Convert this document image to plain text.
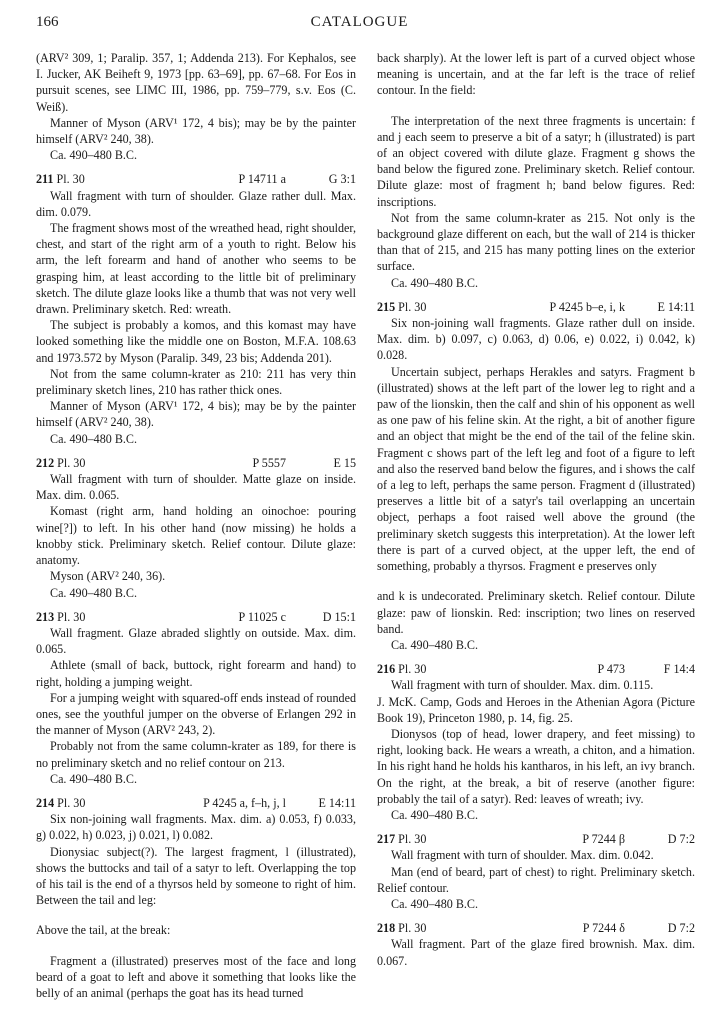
166	CATALOGUE

(ARV² 309, 1; Paralip. 357, 1; Addenda 213). For Kephalos, see I. Jucker, AK Beiheft 9, 1973 [pp. 63–69], pp. 67–68. For Eos in pursuit scenes, see LIMC III, 1986, pp. 759–779, s.v. Eos (C. Weiß).

Manner of Myson (ARV¹ 172, 4 bis); may be by the painter himself (ARV² 240, 38).

Ca. 490–480 B.C.

211 Pl. 30	P 14711 a	G 3:1

Wall fragment with turn of shoulder. Glaze rather dull. Max. dim. 0.079.

The fragment shows most of the wreathed head, right shoulder, chest, and start of the right arm of a youth to right. Below his arm, the left forearm and hand of another who seems to be grasping him, at least according to the little bit of preliminary sketch. The dilute glaze looks like a thumb that was not very well drawn. Preliminary sketch. Red: wreath.

The subject is probably a komos, and this komast may have looked something like the middle one on Boston, M.F.A. 108.63 and 1973.572 by Myson (Paralip. 349, 23 bis; Addenda 201).

Not from the same column-krater as 210: 211 has very thin preliminary sketch lines, 210 has rather thick ones.

Manner of Myson (ARV¹ 172, 4 bis); may be by the painter himself (ARV² 240, 38).

Ca. 490–480 B.C.

212 Pl. 30	P 5557	E 15

Wall fragment with turn of shoulder. Matte glaze on inside. Max. dim. 0.065.

Komast (right arm, hand holding an oinochoe: pouring wine[?]) to left. In his other hand (now missing) he holds a knobby stick. Preliminary sketch. Relief contour. Dilute glaze: anatomy.

Myson (ARV² 240, 36).

Ca. 490–480 B.C.

213 Pl. 30	P 11025 c	D 15:1

Wall fragment. Glaze abraded slightly on outside. Max. dim. 0.065.

Athlete (small of back, buttock, right forearm and hand) to right, holding a jumping weight.

For a jumping weight with squared-off ends instead of rounded ones, see the youthful jumper on the obverse of Erlangen 292 in the manner of Myson (ARV² 243, 2).

Probably not from the same column-krater as 189, for there is no preliminary sketch and no relief contour on 213.

Ca. 490–480 B.C.

214 Pl. 30	P 4245 a, f–h, j, l	E 14:11

Six non-joining wall fragments. Max. dim. a) 0.053, f) 0.033, g) 0.022, h) 0.023, j) 0.021, l) 0.082.

Dionysiac subject(?). The largest fragment, l (illustrated), shows the buttocks and tail of a satyr to left. Overlapping the top of his tail is the end of a thyrsos held by someone to right of him. Between the tail and leg:

Above the tail, at the break:

Fragment a (illustrated) preserves most of the face and long beard of a goat to left and above it something that looks like the belly of an animal (perhaps the goat has its head turned

back sharply). At the lower left is part of a curved object whose meaning is uncertain, and at the far left is the trace of relief contour. In the field:

The interpretation of the next three fragments is uncertain: f and j each seem to preserve a bit of a satyr; h (illustrated) is part of an object covered with dilute glaze. Fragment g shows the band below the figured zone. Preliminary sketch. Relief contour. Dilute glaze: most of fragment h; band below figures. Red: inscriptions.

Not from the same column-krater as 215. Not only is the background glaze different on each, but the wall of 214 is thicker than that of 215, and 215 has many potting lines on the exterior surface.

Ca. 490–480 B.C.

215 Pl. 30	P 4245 b–e, i, k	E 14:11

Six non-joining wall fragments. Glaze rather dull on inside. Max. dim. b) 0.097, c) 0.063, d) 0.06, e) 0.022, i) 0.042, k) 0.028.

Uncertain subject, perhaps Herakles and satyrs. Fragment b (illustrated) shows at the left part of the lower leg to right and a paw of the lionskin, then the calf and shin of his opponent as well as one paw of his feline skin. At the right, a bit of another figure and an object that might be the end of the tail of the feline skin. Fragment c shows part of the left leg and foot of a figure to left and also the reserved band below the figures, and i shows the calf of a leg to left, perhaps the same person. Fragment d (illustrated) preserves a little bit of a satyr's tail overlapping an uncertain object, perhaps a foot raised well above the ground (the preliminary sketch suggests this interpretation). At the lower left there is part of a curved object, at the upper left, the end of something, probably a thyrsos. Fragment e preserves only

and k is undecorated. Preliminary sketch. Relief contour. Dilute glaze: paw of lionskin. Red: inscription; two lines on reserved band.

Ca. 490–480 B.C.

216 Pl. 30	P 473	F 14:4

Wall fragment with turn of shoulder. Max. dim. 0.115.

J. McK. Camp, Gods and Heroes in the Athenian Agora (Picture Book 19), Princeton 1980, p. 14, fig. 25.

Dionysos (top of head, lower drapery, and feet missing) to right, looking back. He wears a wreath, a chiton, and a himation. In his right hand he holds his kantharos, in his left, an ivy branch. On the right, at the break, a bit of reserve (another figure: probably the tail of a satyr). Red: leaves of wreath; ivy.

Ca. 490–480 B.C.

217 Pl. 30	P 7244 β	D 7:2

Wall fragment with turn of shoulder. Max. dim. 0.042.

Man (end of beard, part of chest) to right. Preliminary sketch. Relief contour.

Ca. 490–480 B.C.

218 Pl. 30	P 7244 δ	D 7:2

Wall fragment. Part of the glaze fired brownish. Max. dim. 0.067.
